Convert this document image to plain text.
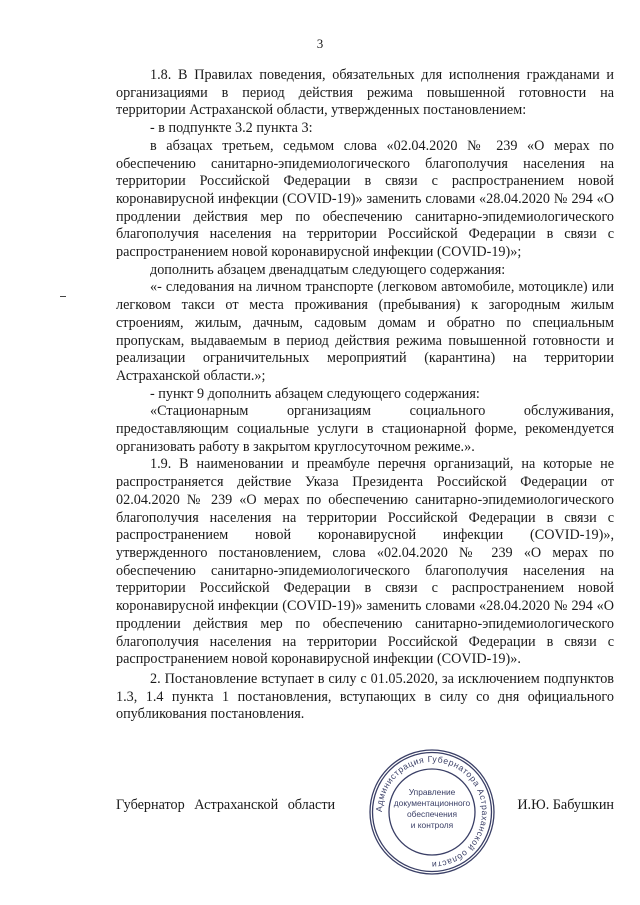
3

1.8. В Правилах поведения, обязательных для исполнения гражданами и организациями в период действия режима повышенной готовности на территории Астраханской области, утвержденных постановлением:

- в подпункте 3.2 пункта 3:

в абзацах третьем, седьмом слова «02.04.2020 № 239 «О мерах по обеспечению санитарно-эпидемиологического благополучия населения на территории Российской Федерации в связи с распространением новой коронавирусной инфекции (COVID-19)» заменить словами «28.04.2020 № 294 «О продлении действия мер по обеспечению санитарно-эпидемиологического благополучия населения на территории Российской Федерации в связи с распространением новой коронавирусной инфекции (COVID-19)»;

дополнить абзацем двенадцатым следующего содержания:

«- следования на личном транспорте (легковом автомобиле, мотоцикле) или легковом такси от места проживания (пребывания) к загородным жилым строениям, жилым, дачным, садовым домам и обратно по специальным пропускам, выдаваемым в период действия режима повышенной готовности и реализации ограничительных мероприятий (карантина) на территории Астраханской области.»;

- пункт 9 дополнить абзацем следующего содержания:

«Стационарным организациям социального обслуживания, предоставляющим социальные услуги в стационарной форме, рекомендуется организовать работу в закрытом круглосуточном режиме.».

1.9. В наименовании и преамбуле перечня организаций, на которые не распространяется действие Указа Президента Российской Федерации от 02.04.2020 № 239 «О мерах по обеспечению санитарно-эпидемиологического благополучия населения на территории Российской Федерации в связи с распространением новой коронавирусной инфекции (COVID-19)», утвержденного постановлением, слова «02.04.2020 № 239 «О мерах по обеспечению санитарно-эпидемиологического благополучия населения на территории Российской Федерации в связи с распространением новой коронавирусной инфекции (COVID-19)» заменить словами «28.04.2020 № 294 «О продлении действия мер по обеспечению санитарно-эпидемиологического благополучия населения на территории Российской Федерации в связи с распространением новой коронавирусной инфекции (COVID-19)».

2. Постановление вступает в силу с 01.05.2020, за исключением подпунктов 1.3, 1.4 пункта 1 постановления, вступающих в силу со дня официального опубликования постановления.

Администрация Губернатора Астраханской области
Управление
документационного
обеспечения
и контроля
Губернатор Астраханской области	И.Ю. Бабушкин
